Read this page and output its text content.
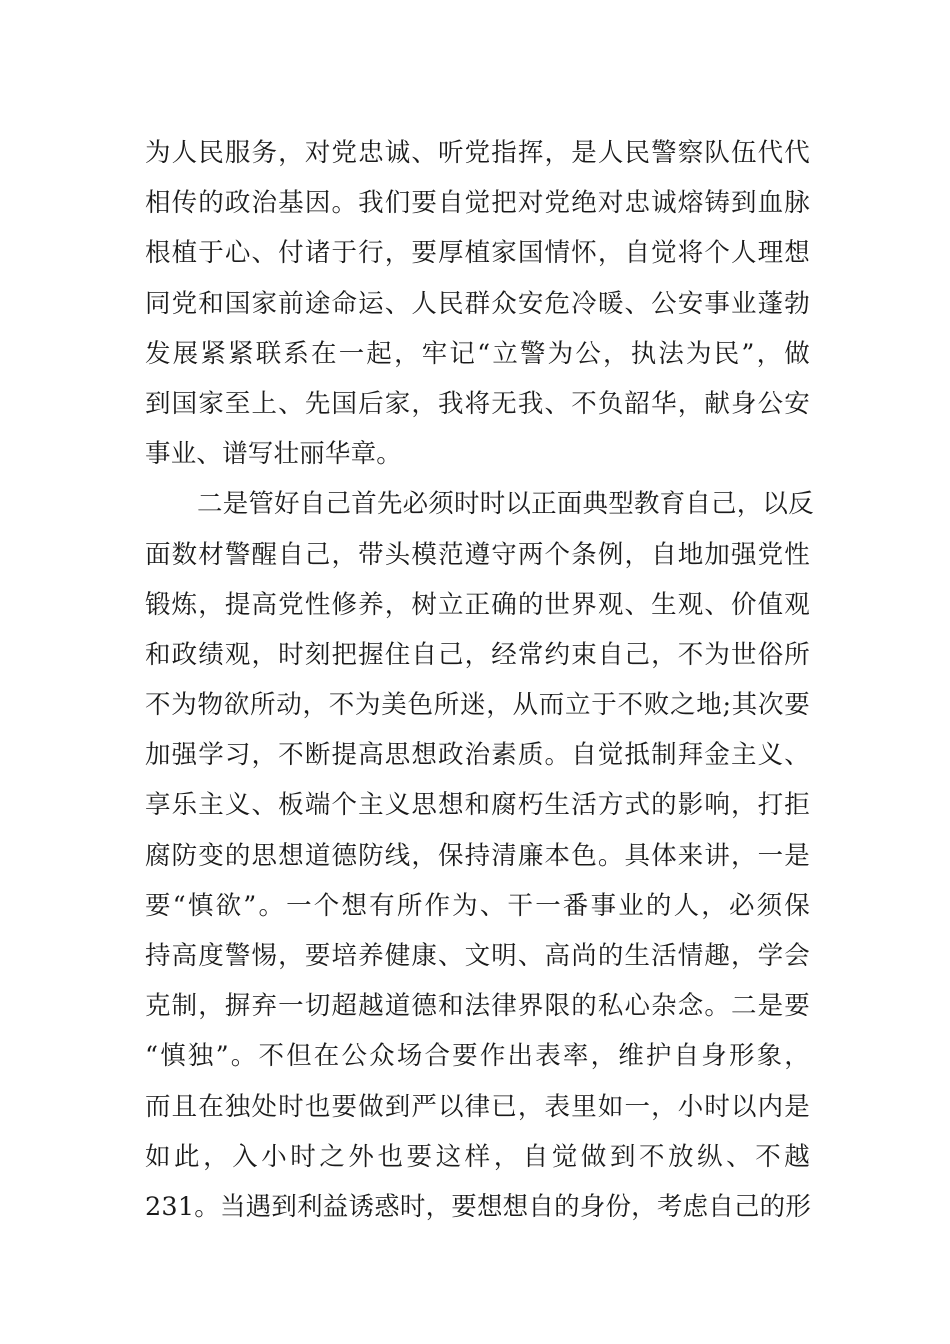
为人民服务，对党忠诚、听党指挥，是人民警察队伍代代
相传的政治基因。我们要自觉把对党绝对忠诚熔铸到血脉
根植于心、付诸于行，要厚植家国情怀，自觉将个人理想
同党和国家前途命运、人民群众安危冷暖、公安事业蓬勃
发展紧紧联系在一起，牢记“立警为公，执法为民”，做
到国家至上、先国后家，我将无我、不负韶华，献身公安
事业、谱写壮丽华章。
二是管好自己首先必须时时以正面典型教育自己，以反
面数材警醒自己，带头模范遵守两个条例，自地加强党性
锻炼，提高党性修养，树立正确的世界观、生观、价值观
和政绩观，时刻把握住自己，经常约束自己，不为世俗所
不为物欲所动，不为美色所迷，从而立于不败之地;其次要
加强学习，不断提高思想政治素质。自觉抵制拜金主义、
享乐主义、板端个主义思想和腐朽生活方式的影响，打拒
腐防变的思想道德防线，保持清廉本色。具体来讲，一是
要“慎欲”。一个想有所作为、干一番事业的人，必须保
持高度警惕，要培养健康、文明、高尚的生活情趣，学会
克制，摒弃一切超越道德和法律界限的私心杂念。二是要
“慎独”。不但在公众场合要作出表率，维护自身形象，
而且在独处时也要做到严以律已，表里如一，小时以内是
如此，入小时之外也要这样，自觉做到不放纵、不越
231。当遇到利益诱惑时，要想想自的身份，考虑自己的形
